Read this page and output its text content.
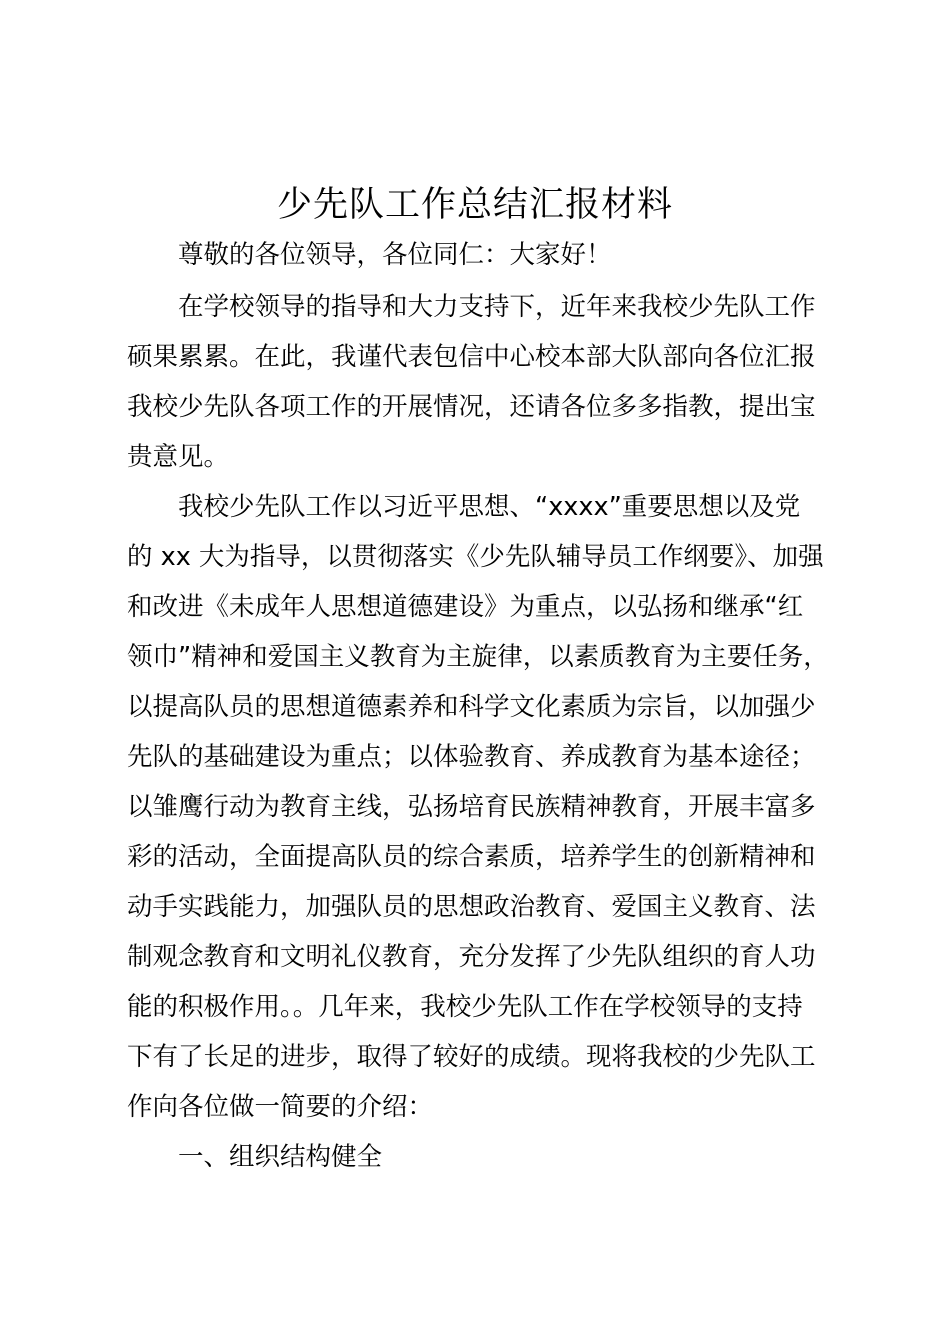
少先队工作总结汇报材料
尊敬的各位领导，各位同仁：大家好！
在学校领导的指导和大力支持下，近年来我校少先队工作
硕果累累。在此，我谨代表包信中心校本部大队部向各位汇报
我校少先队各项工作的开展情况，还请各位多多指教，提出宝
贵意见。
我校少先队工作以习近平思想、“xxxx”重要思想以及党
的 xx 大为指导，以贯彻落实《少先队辅导员工作纲要》、加强
和改进《未成年人思想道德建设》为重点，以弘扬和继承“红
领巾”精神和爱国主义教育为主旋律，以素质教育为主要任务，
以提高队员的思想道德素养和科学文化素质为宗旨，以加强少
先队的基础建设为重点；以体验教育、养成教育为基本途径；
以雏鹰行动为教育主线，弘扬培育民族精神教育，开展丰富多
彩的活动，全面提高队员的综合素质，培养学生的创新精神和
动手实践能力，加强队员的思想政治教育、爱国主义教育、法
制观念教育和文明礼仪教育，充分发挥了少先队组织的育人功
能的积极作用。。几年来，我校少先队工作在学校领导的支持
下有了长足的进步，取得了较好的成绩。现将我校的少先队工
作向各位做一简要的介绍：
一、组织结构健全
